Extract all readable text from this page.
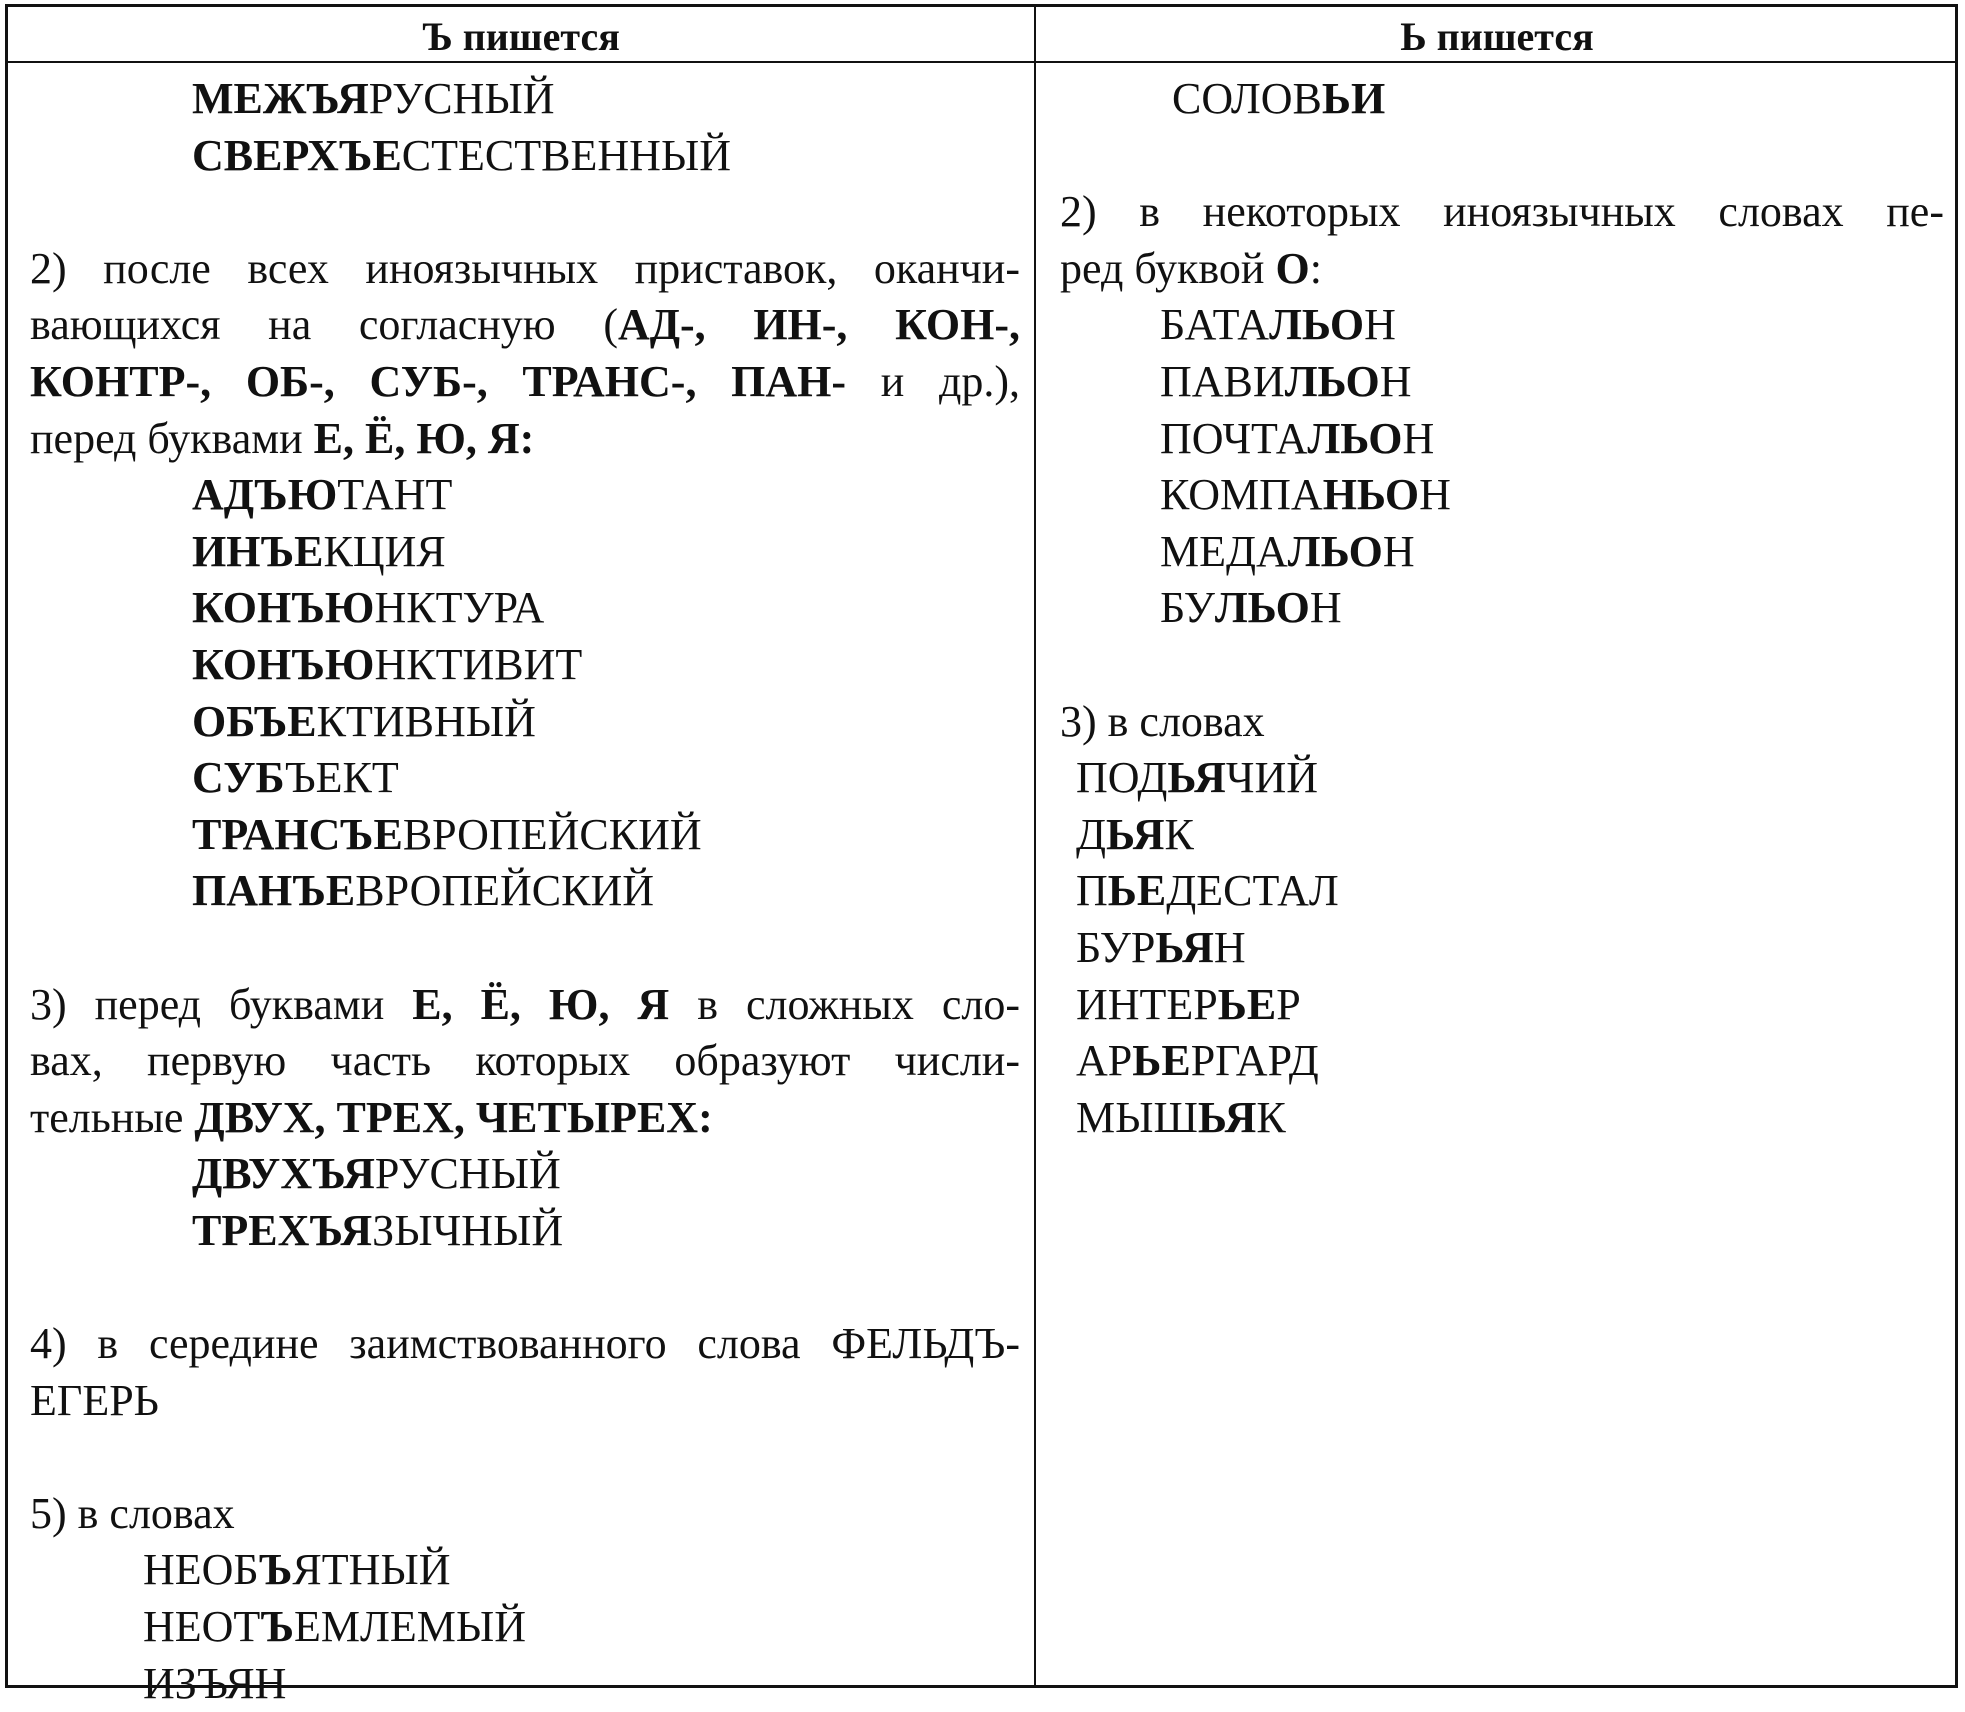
Ъ пишется	Ь пишется
МЕЖЪЯРУСНЫЙ
СВЕРХЪЕСТЕСТВЕННЫЙ
2) после всех иноязычных приставок, оканчи-
вающихся на согласную (АД-, ИН-, КОН-,
КОНТР-, ОБ-, СУБ-, ТРАНС-, ПАН- и др.),
перед буквами Е, Ё, Ю, Я:
АДЪЮТАНТ
ИНЪЕКЦИЯ
КОНЪЮНКТУРА
КОНЪЮНКТИВИТ
ОБЪЕКТИВНЫЙ
СУБЪЕКТ
ТРАНСЪЕВРОПЕЙСКИЙ
ПАНЪЕВРОПЕЙСКИЙ
3) перед буквами Е, Ё, Ю, Я в сложных сло-
вах, первую часть которых образуют числи-
тельные ДВУХ, ТРЕХ, ЧЕТЫРЕХ:
ДВУХЪЯРУСНЫЙ
ТРЕХЪЯЗЫЧНЫЙ
4) в середине заимствованного слова ФЕЛЬДЪ-
ЕГЕРЬ
5) в словах
НЕОБЪЯТНЫЙ
НЕОТЪЕМЛЕМЫЙ
ИЗЪЯН
СОЛОВЬИ
2) в некоторых иноязычных словах пе-
ред буквой О:
БАТАЛЬОН
ПАВИЛЬОН
ПОЧТАЛЬОН
КОМПАНЬОН
МЕДАЛЬОН
БУЛЬОН
3) в словах
ПОДЬЯЧИЙ
ДЬЯК
ПЬЕДЕСТАЛ
БУРЬЯН
ИНТЕРЬЕР
АРЬЕРГАРД
МЫШЬЯК
